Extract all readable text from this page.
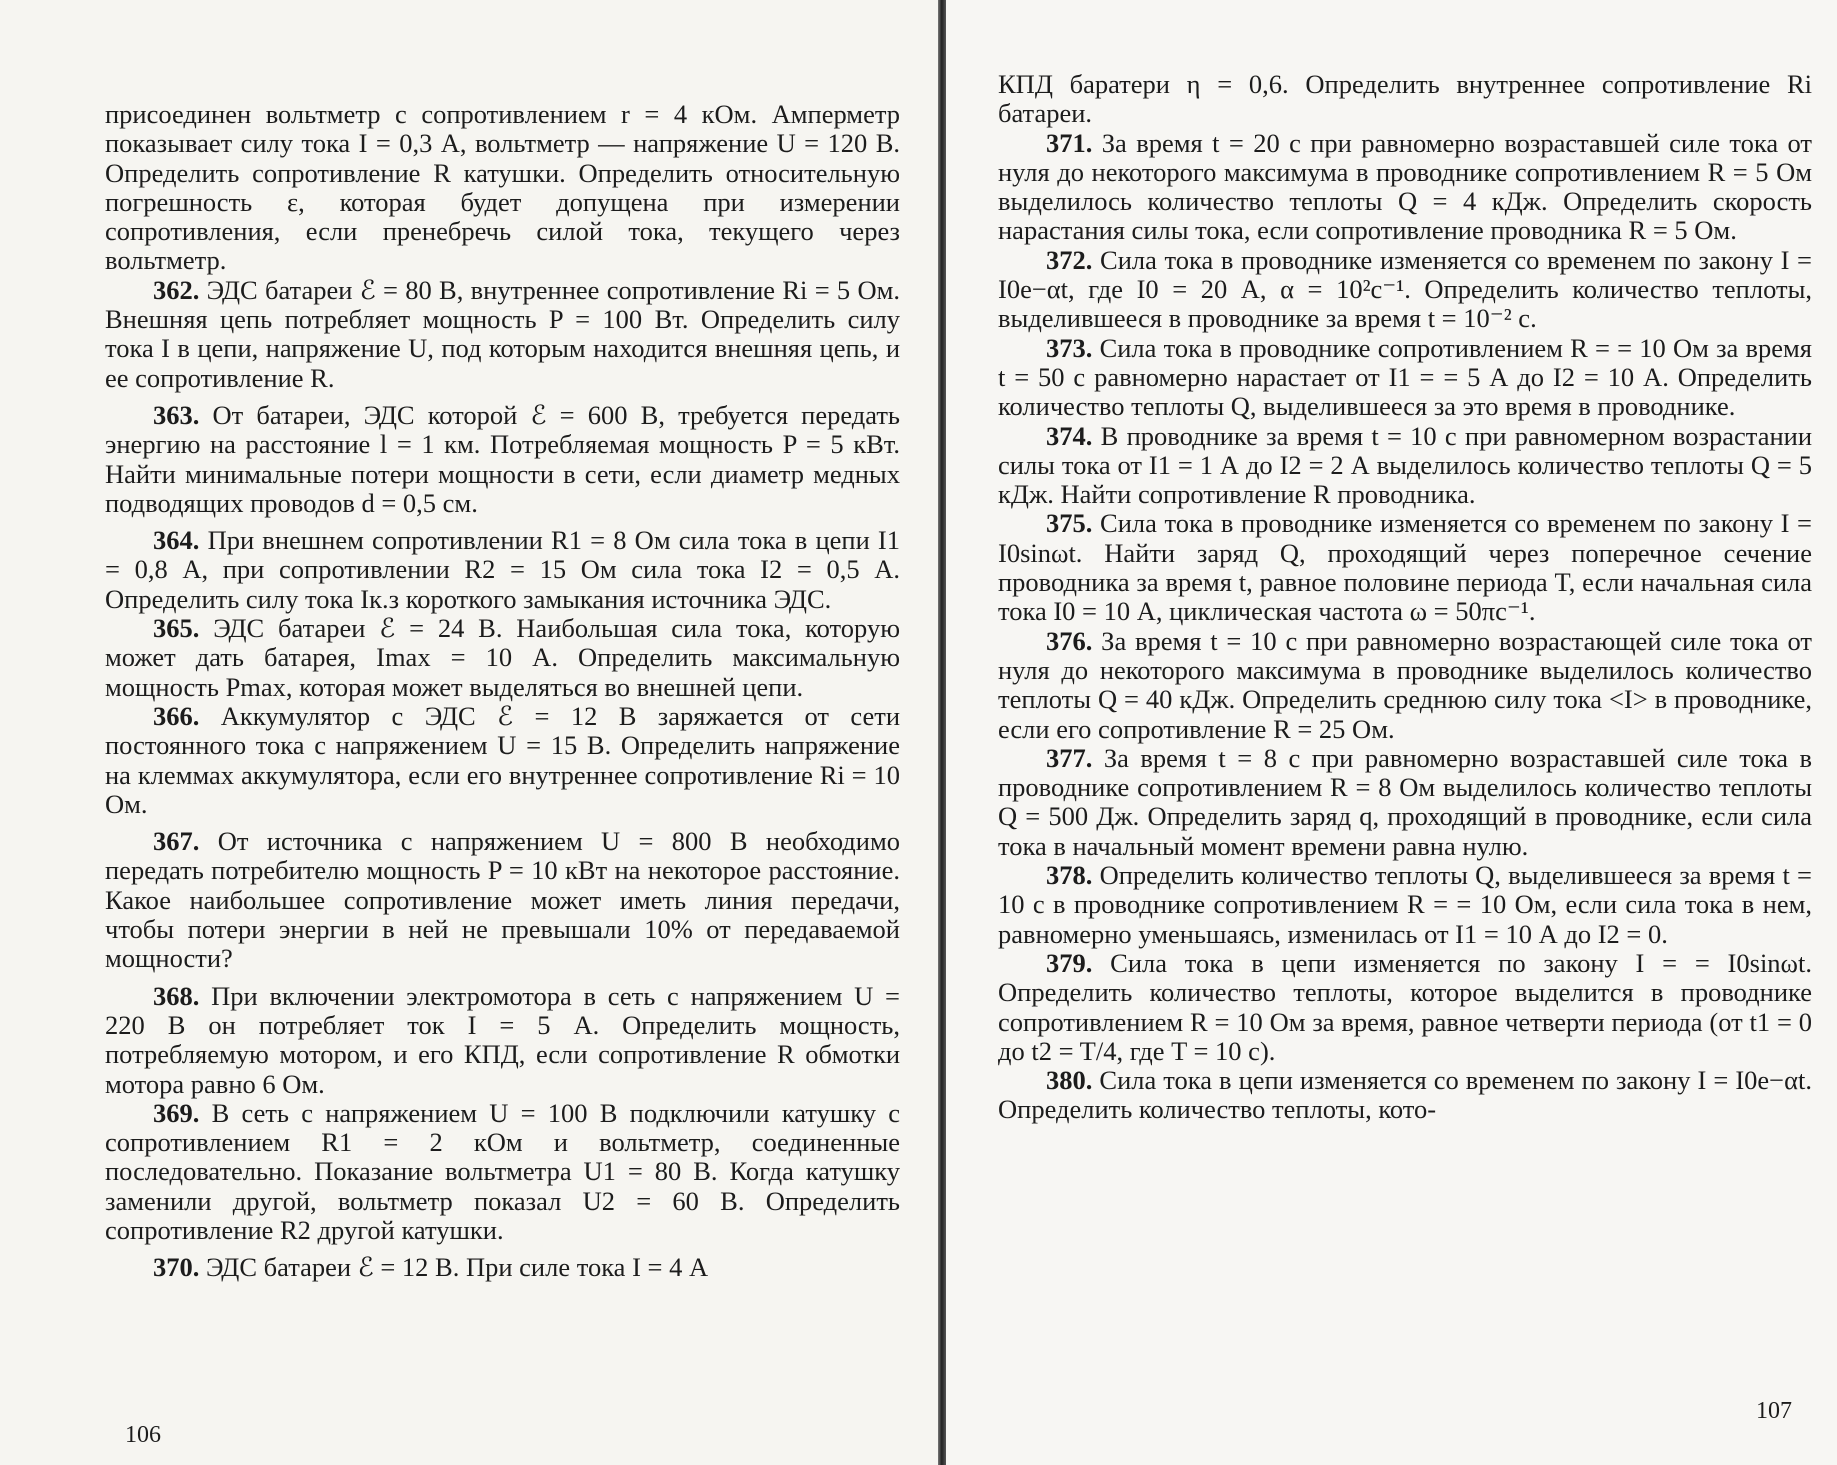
присоединен вольтметр с сопротивлением r = 4 кОм. Амперметр показывает силу тока I = 0,3 А, вольтметр — напряжение U = 120 В. Определить сопротивление R катушки. Определить относительную погрешность ε, которая будет допущена при измерении сопротивления, если пренебречь силой тока, текущего через вольтметр.

362. ЭДС батареи ℰ = 80 В, внутреннее сопротивление Ri = 5 Ом. Внешняя цепь потребляет мощность P = 100 Вт. Определить силу тока I в цепи, напряжение U, под которым находится внешняя цепь, и ее сопротивление R.

363. От батареи, ЭДС которой ℰ = 600 В, требуется передать энергию на расстояние l = 1 км. Потребляемая мощность P = 5 кВт. Найти минимальные потери мощности в сети, если диаметр медных подводящих проводов d = 0,5 см.

364. При внешнем сопротивлении R1 = 8 Ом сила тока в цепи I1 = 0,8 А, при сопротивлении R2 = 15 Ом сила тока I2 = 0,5 А. Определить силу тока Iк.з короткого замыкания источника ЭДС.

365. ЭДС батареи ℰ = 24 В. Наибольшая сила тока, которую может дать батарея, Imax = 10 А. Определить максимальную мощность Pmax, которая может выделяться во внешней цепи.

366. Аккумулятор с ЭДС ℰ = 12 В заряжается от сети постоянного тока с напряжением U = 15 В. Определить напряжение на клеммах аккумулятора, если его внутреннее сопротивление Ri = 10 Ом.

367. От источника с напряжением U = 800 В необходимо передать потребителю мощность P = 10 кВт на некоторое расстояние. Какое наибольшее сопротивление может иметь линия передачи, чтобы потери энергии в ней не превышали 10% от передаваемой мощности?

368. При включении электромотора в сеть с напряжением U = 220 В он потребляет ток I = 5 А. Определить мощность, потребляемую мотором, и его КПД, если сопротивление R обмотки мотора равно 6 Ом.

369. В сеть с напряжением U = 100 В подключили катушку с сопротивлением R1 = 2 кОм и вольтметр, соединенные последовательно. Показание вольтметра U1 = 80 В. Когда катушку заменили другой, вольтметр показал U2 = 60 В. Определить сопротивление R2 другой катушки.

370. ЭДС батареи ℰ = 12 В. При силе тока I = 4 А

106

КПД баратери η = 0,6. Определить внутреннее сопротивление Ri батареи.

371. За время t = 20 с при равномерно возраставшей силе тока от нуля до некоторого максимума в проводнике сопротивлением R = 5 Ом выделилось количество теплоты Q = 4 кДж. Определить скорость нарастания силы тока, если сопротивление проводника R = 5 Ом.

372. Сила тока в проводнике изменяется со временем по закону I = I0e−αt, где I0 = 20 А, α = 10²с⁻¹. Определить количество теплоты, выделившееся в проводнике за время t = 10⁻² с.

373. Сила тока в проводнике сопротивлением R = = 10 Ом за время t = 50 с равномерно нарастает от I1 = = 5 А до I2 = 10 А. Определить количество теплоты Q, выделившееся за это время в проводнике.

374. В проводнике за время t = 10 с при равномерном возрастании силы тока от I1 = 1 А до I2 = 2 А выделилось количество теплоты Q = 5 кДж. Найти сопротивление R проводника.

375. Сила тока в проводнике изменяется со временем по закону I = I0sinωt. Найти заряд Q, проходящий через поперечное сечение проводника за время t, равное половине периода T, если начальная сила тока I0 = 10 А, циклическая частота ω = 50πс⁻¹.

376. За время t = 10 с при равномерно возрастающей силе тока от нуля до некоторого максимума в проводнике выделилось количество теплоты Q = 40 кДж. Определить среднюю силу тока <I> в проводнике, если его сопротивление R = 25 Ом.

377. За время t = 8 с при равномерно возраставшей силе тока в проводнике сопротивлением R = 8 Ом выделилось количество теплоты Q = 500 Дж. Определить заряд q, проходящий в проводнике, если сила тока в начальный момент времени равна нулю.

378. Определить количество теплоты Q, выделившееся за время t = 10 с в проводнике сопротивлением R = = 10 Ом, если сила тока в нем, равномерно уменьшаясь, изменилась от I1 = 10 А до I2 = 0.

379. Сила тока в цепи изменяется по закону I = = I0sinωt. Определить количество теплоты, которое выделится в проводнике сопротивлением R = 10 Ом за время, равное четверти периода (от t1 = 0 до t2 = T/4, где T = 10 с).

380. Сила тока в цепи изменяется со временем по закону I = I0e−αt. Определить количество теплоты, кото-

107
